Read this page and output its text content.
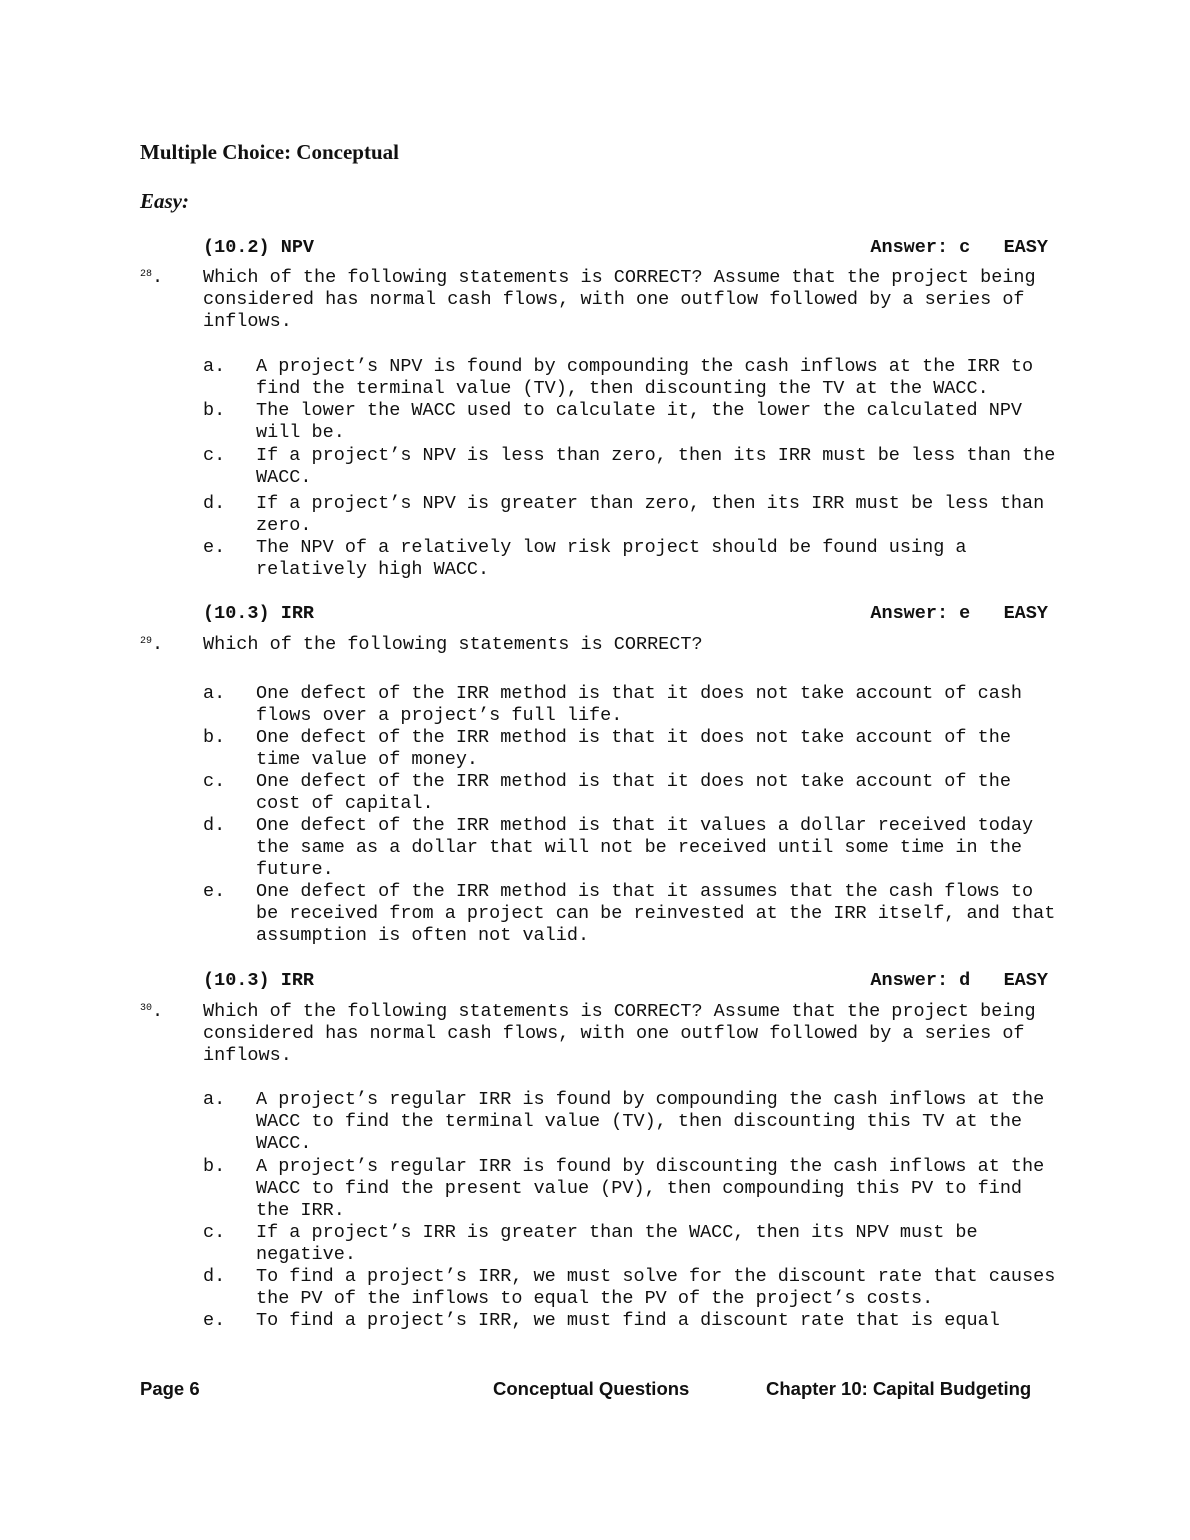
Multiple Choice: Conceptual
Easy:

(10.2) NPV

	Answer: c   EASY

$^{28}$. Which of the following statements is CORRECT? Assume that the project being considered has normal cash flows, with one outflow followed by a series of inflows.

a. A project’s NPV is found by compounding the cash inflows at the IRR to find the terminal value (TV), then discounting the TV at the WACC.
b. The lower the WACC used to calculate it, the lower the calculated NPV will be.
c. If a project’s NPV is less than zero, then its IRR must be less than the WACC.
d. If a project’s NPV is greater than zero, then its IRR must be less than zero.
e. The NPV of a relatively low risk project should be found using a relatively high WACC.

(10.3) IRR

	Answer: e   EASY

$^{29}$. Which of the following statements is CORRECT?

a. One defect of the IRR method is that it does not take account of cash flows over a project’s full life.
b. One defect of the IRR method is that it does not take account of the time value of money.
c. One defect of the IRR method is that it does not take account of the cost of capital.
d. One defect of the IRR method is that it values a dollar received today the same as a dollar that will not be received until some time in the future.
e. One defect of the IRR method is that it assumes that the cash flows to be received from a project can be reinvested at the IRR itself, and that assumption is often not valid.

(10.3) IRR

	Answer: d   EASY

$^{30}$. Which of the following statements is CORRECT? Assume that the project being considered has normal cash flows, with one outflow followed by a series of inflows.

a. A project’s regular IRR is found by compounding the cash inflows at the WACC to find the terminal value (TV), then discounting this TV at the WACC.
b. A project’s regular IRR is found by discounting the cash inflows at the WACC to find the present value (PV), then compounding this PV to find the IRR.
c. If a project’s IRR is greater than the WACC, then its NPV must be negative.
d. To find a project’s IRR, we must solve for the discount rate that causes the PV of the inflows to equal the PV of the project’s costs.
e. To find a project’s IRR, we must find a discount rate that is equal
Page 6	Conceptual Questions	Chapter 10: Capital Budgeting
